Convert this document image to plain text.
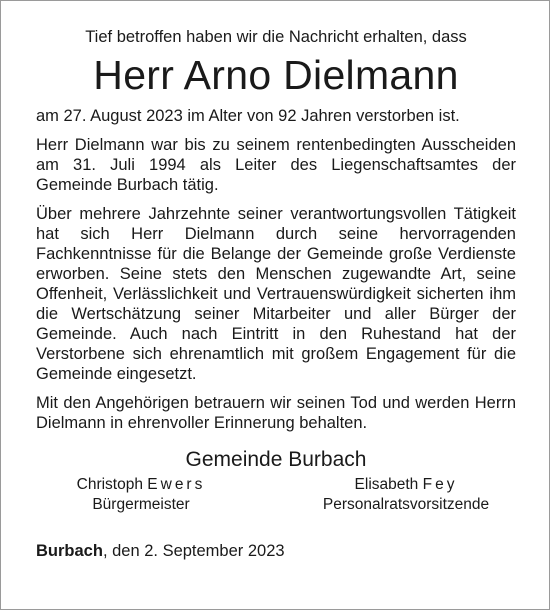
Tief betroffen haben wir die Nachricht erhalten, dass

Herr Arno Dielmann

am 27. August 2023 im Alter von 92 Jahren verstorben ist.

Herr Dielmann war bis zu seinem rentenbedingten Ausscheiden am 31. Juli 1994 als Leiter des Liegenschaftsamtes der Gemeinde Burbach tätig.

Über mehrere Jahrzehnte seiner verantwortungsvollen Tätigkeit hat sich Herr Dielmann durch seine hervorragenden Fachkenntnisse für die Belange der Gemeinde große Verdienste erworben. Seine stets den Menschen zugewandte Art, seine Offenheit, Verlässlichkeit und Vertrauenswürdigkeit sicherten ihm die Wertschätzung seiner Mitarbeiter und aller Bürger der Gemeinde. Auch nach Eintritt in den Ruhestand hat der Verstorbene sich ehrenamtlich mit großem Engagement für die Gemeinde eingesetzt.

Mit den Angehörigen betrauern wir seinen Tod und werden Herrn Dielmann in ehrenvoller Erinnerung behalten.

Gemeinde Burbach
Christoph Ewers
Bürgermeister
Elisabeth Fey
Personalratsvorsitzende
Burbach, den 2. September 2023
